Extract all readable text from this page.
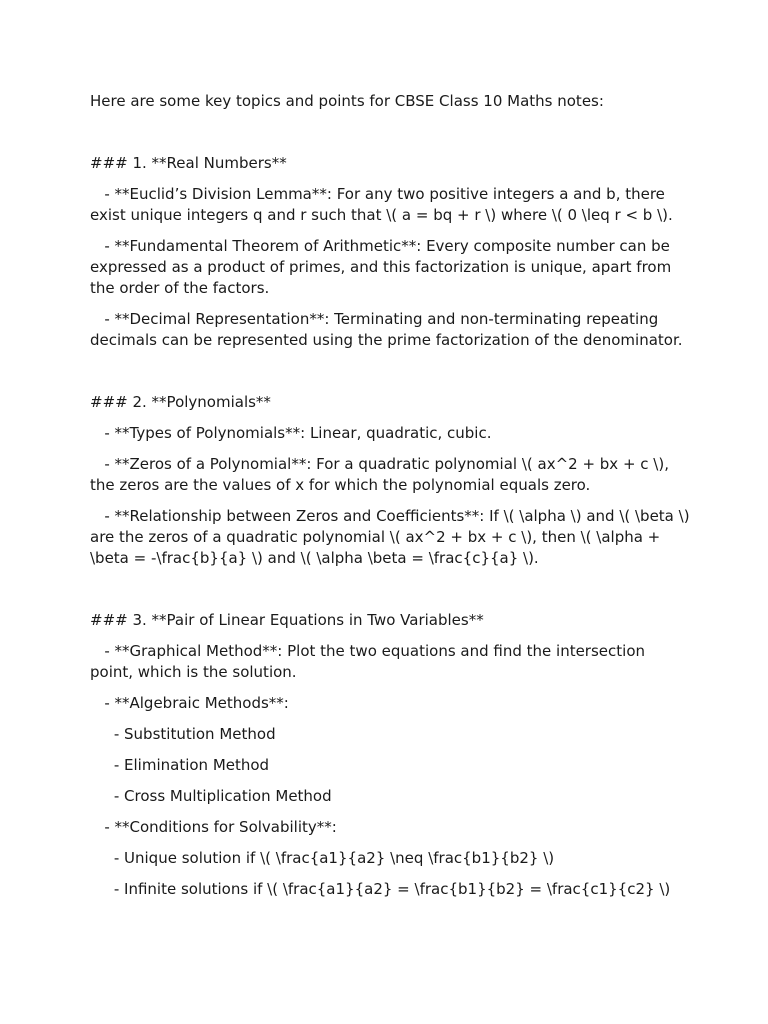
Here are some key topics and points for CBSE Class 10 Maths notes:

### 1. **Real Numbers**

- **Euclid’s Division Lemma**: For any two positive integers a and b, there exist unique integers q and r such that \( a = bq + r \) where \( 0 \leq r < b \).

- **Fundamental Theorem of Arithmetic**: Every composite number can be expressed as a product of primes, and this factorization is unique, apart from the order of the factors.

- **Decimal Representation**: Terminating and non-terminating repeating decimals can be represented using the prime factorization of the denominator.

### 2. **Polynomials**

- **Types of Polynomials**: Linear, quadratic, cubic.

- **Zeros of a Polynomial**: For a quadratic polynomial \( ax^2 + bx + c \), the zeros are the values of x for which the polynomial equals zero.

- **Relationship between Zeros and Coefficients**: If \( \alpha \) and \( \beta \) are the zeros of a quadratic polynomial \( ax^2 + bx + c \), then \( \alpha + \beta = -\frac{b}{a} \) and \( \alpha \beta = \frac{c}{a} \).

### 3. **Pair of Linear Equations in Two Variables**

- **Graphical Method**: Plot the two equations and find the intersection point, which is the solution.

- **Algebraic Methods**:

- Substitution Method

- Elimination Method

- Cross Multiplication Method

- **Conditions for Solvability**:

- Unique solution if \( \frac{a1}{a2} \neq \frac{b1}{b2} \)

- Infinite solutions if \( \frac{a1}{a2} = \frac{b1}{b2} = \frac{c1}{c2} \)
